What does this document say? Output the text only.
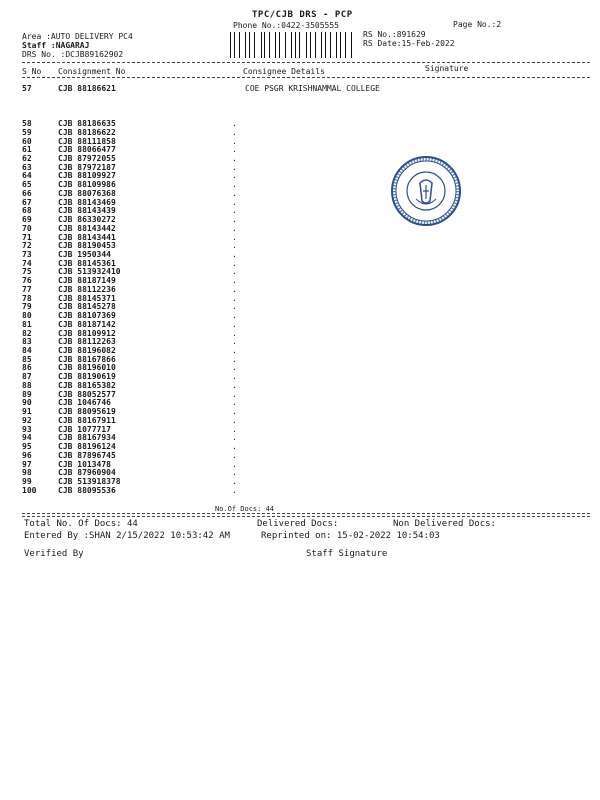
TPC/CJB DRS - PCP
Phone No.:0422-3505555	Page No.:2
Area :AUTO DELIVERY PC4
Staff :NAGARAJ
DRS No. :DCJB89162902
RS No.:891629
RS Date:15-Feb-2022
S No Consignment No	Consignee Details	Signature
57	CJB 88186621	COE PSGR KRISHNAMMAL COLLEGE
58	CJB 88186635	.
59	CJB 88186622	.
60	CJB 88111858	.
61	CJB 88066477	.
62	CJB 87972055	.
63	CJB 87972187	.
64	CJB 88109927	.
65	CJB 88109986	.
66	CJB 88076368	.
67	CJB 88143469	.
68	CJB 88143439	.
69	CJB 86330272	.
70	CJB 88143442	.
71	CJB 88143441	.
72	CJB 88190453	.
73	CJB 1950344	.
74	CJB 88145361	.
75	CJB 513932410	.
76	CJB 88187149	.
77	CJB 88112236	.
78	CJB 88145371	.
79	CJB 88145278	.
80	CJB 88107369	.
81	CJB 88187142	.
82	CJB 88109912	.
83	CJB 88112263	.
84	CJB 88196082	.
85	CJB 88167866	.
86	CJB 88196010	.
87	CJB 88190619	.
88	CJB 88165382	.
89	CJB 88052577	.
90	CJB 1046746	.
91	CJB 88095619	.
92	CJB 88167911	.
93	CJB 1077717	.
94	CJB 88167934	.
95	CJB 88196124	.
96	CJB 87896745	.
97	CJB 1013478	.
98	CJB 87960904	.
99	CJB 513918378	.
100	CJB 88095536	.
No.Of Docs: 44
Total No. Of Docs: 44	Delivered Docs:	Non Delivered Docs:
Entered By :SHAN 2/15/2022 10:53:42 AM	Reprinted on: 15-02-2022 10:54:03
Verified By	Staff Signature
